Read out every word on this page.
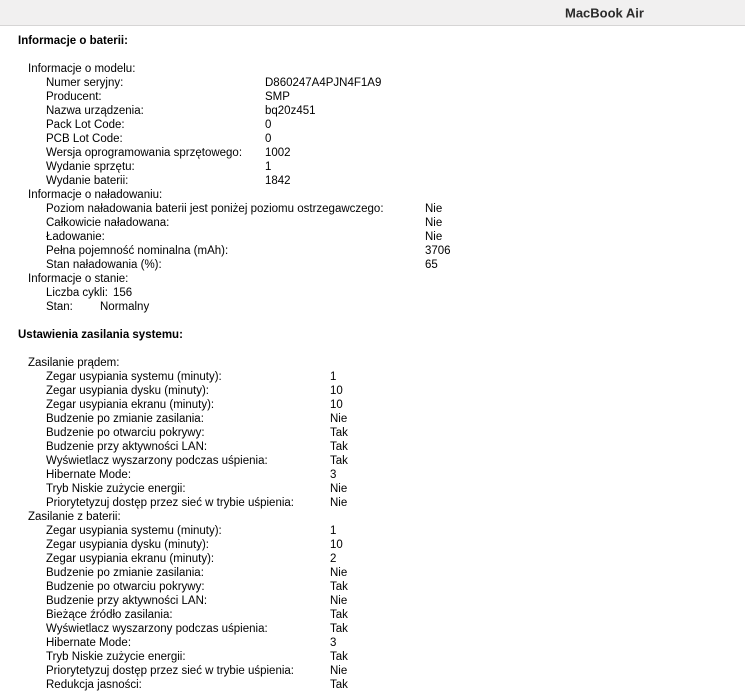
MacBook Air
Informacje o baterii:
Informacje o modelu:
Numer seryjny:	D860247A4PJN4F1A9
Producent:	SMP
Nazwa urządzenia:	bq20z451
Pack Lot Code:	0
PCB Lot Code:	0
Wersja oprogramowania sprzętowego: 1002
Wydanie sprzętu:	1
Wydanie baterii:	1842
Informacje o naładowaniu:
Poziom naładowania baterii jest poniżej poziomu ostrzegawczego:	Nie
Całkowicie naładowana:	Nie
Ładowanie:	Nie
Pełna pojemność nominalna (mAh):	3706
Stan naładowania (%):	65
Informacje o stanie:
Liczba cykli: 156
Stan: Normalny
Ustawienia zasilania systemu:
Zasilanie prądem:
Zegar usypiania systemu (minuty):	1
Zegar usypiania dysku (minuty):	10
Zegar usypiania ekranu (minuty):	10
Budzenie po zmianie zasilania:	Nie
Budzenie po otwarciu pokrywy:	Tak
Budzenie przy aktywności LAN:	Tak
Wyświetlacz wyszarzony podczas uśpienia:	Tak
Hibernate Mode:	3
Tryb Niskie zużycie energii:	Nie
Priorytetyzuj dostęp przez sieć w trybie uśpienia:	Nie
Zasilanie z baterii:
Zegar usypiania systemu (minuty):	1
Zegar usypiania dysku (minuty):	10
Zegar usypiania ekranu (minuty):	2
Budzenie po zmianie zasilania:	Nie
Budzenie po otwarciu pokrywy:	Tak
Budzenie przy aktywności LAN:	Nie
Bieżące źródło zasilania:	Tak
Wyświetlacz wyszarzony podczas uśpienia:	Tak
Hibernate Mode:	3
Tryb Niskie zużycie energii:	Tak
Priorytetyzuj dostęp przez sieć w trybie uśpienia:	Nie
Redukcja jasności:	Tak
